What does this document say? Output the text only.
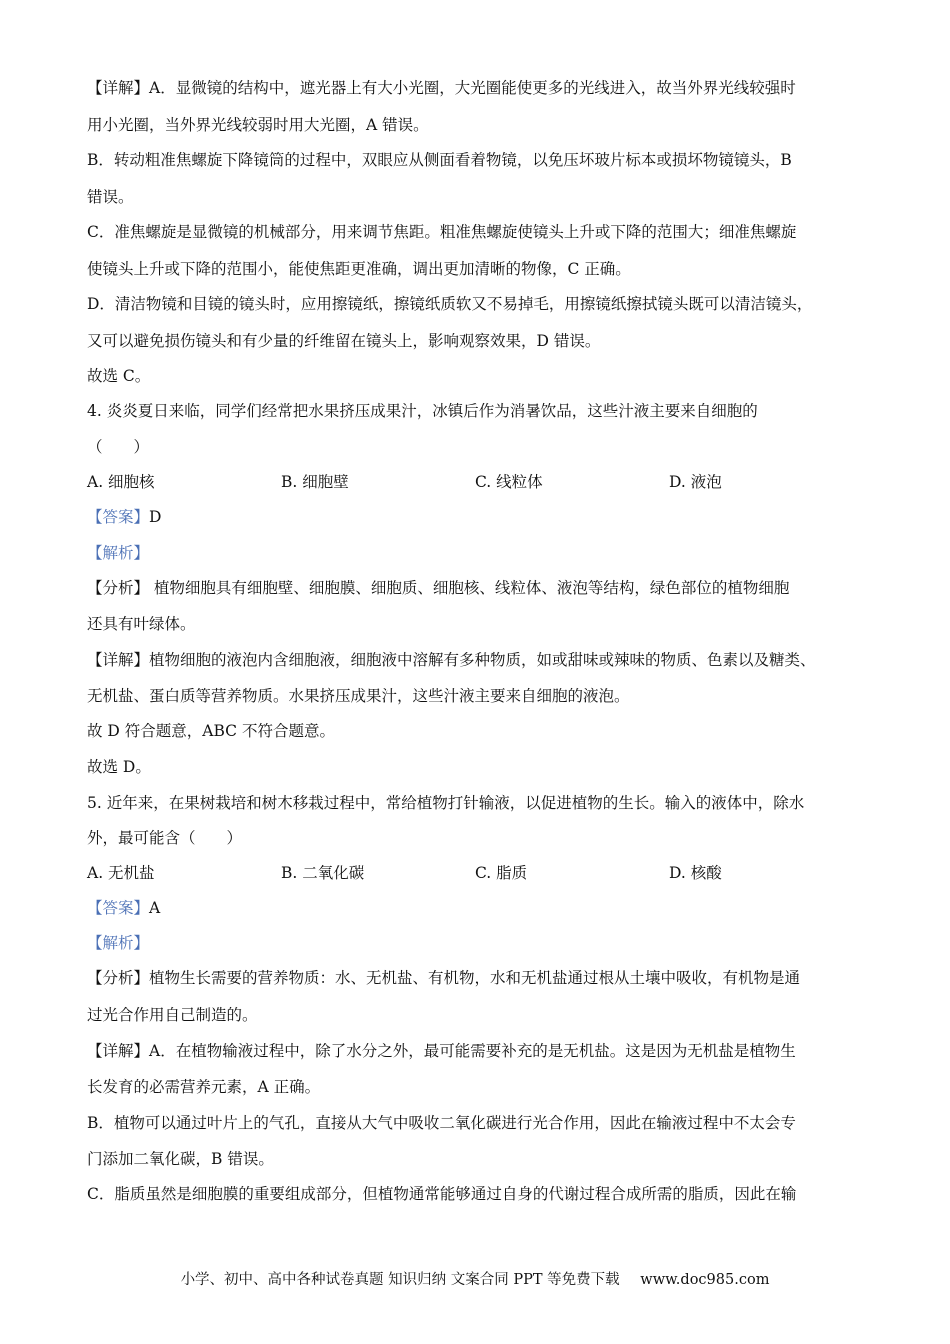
【详解】A．显微镜的结构中，遮光器上有大小光圈，大光圈能使更多的光线进入，故当外界光线较强时
用小光圈，当外界光线较弱时用大光圈，A 错误。
B．转动粗准焦螺旋下降镜筒的过程中，双眼应从侧面看着物镜，以免压坏玻片标本或损坏物镜镜头，B
错误。
C．准焦螺旋是显微镜的机械部分，用来调节焦距。粗准焦螺旋使镜头上升或下降的范围大；细准焦螺旋
使镜头上升或下降的范围小，能使焦距更准确，调出更加清晰的物像，C 正确。
D．清洁物镜和目镜的镜头时，应用擦镜纸，擦镜纸质软又不易掉毛，用擦镜纸擦拭镜头既可以清洁镜头，
又可以避免损伤镜头和有少量的纤维留在镜头上，影响观察效果，D 错误。
故选 C。
4. 炎炎夏日来临，同学们经常把水果挤压成果汁，冰镇后作为消暑饮品，这些汁液主要来自细胞的
（　　）
A. 细胞核	B. 细胞壁	C. 线粒体	D. 液泡
【答案】D
【解析】
【分析】 植物细胞具有细胞壁、细胞膜、细胞质、细胞核、线粒体、液泡等结构，绿色部位的植物细胞
还具有叶绿体。
【详解】植物细胞的液泡内含细胞液，细胞液中溶解有多种物质，如或甜味或辣味的物质、色素以及糖类、
无机盐、蛋白质等营养物质。水果挤压成果汁，这些汁液主要来自细胞的液泡。
故 D 符合题意，ABC 不符合题意。
故选 D。
5. 近年来，在果树栽培和树木移栽过程中，常给植物打针输液，以促进植物的生长。输入的液体中，除水
外，最可能含（　　）
A. 无机盐	B. 二氧化碳	C. 脂质	D. 核酸
【答案】A
【解析】
【分析】植物生长需要的营养物质：水、无机盐、有机物，水和无机盐通过根从土壤中吸收，有机物是通
过光合作用自己制造的。
【详解】A．在植物输液过程中，除了水分之外，最可能需要补充的是无机盐。这是因为无机盐是植物生
长发育的必需营养元素，A 正确。
B．植物可以通过叶片上的气孔，直接从大气中吸收二氧化碳进行光合作用，因此在输液过程中不太会专
门添加二氧化碳，B 错误。
C．脂质虽然是细胞膜的重要组成部分，但植物通常能够通过自身的代谢过程合成所需的脂质，因此在输
小学、初中、高中各种试卷真题 知识归纳 文案合同 PPT 等免费下载 www.doc985.com
